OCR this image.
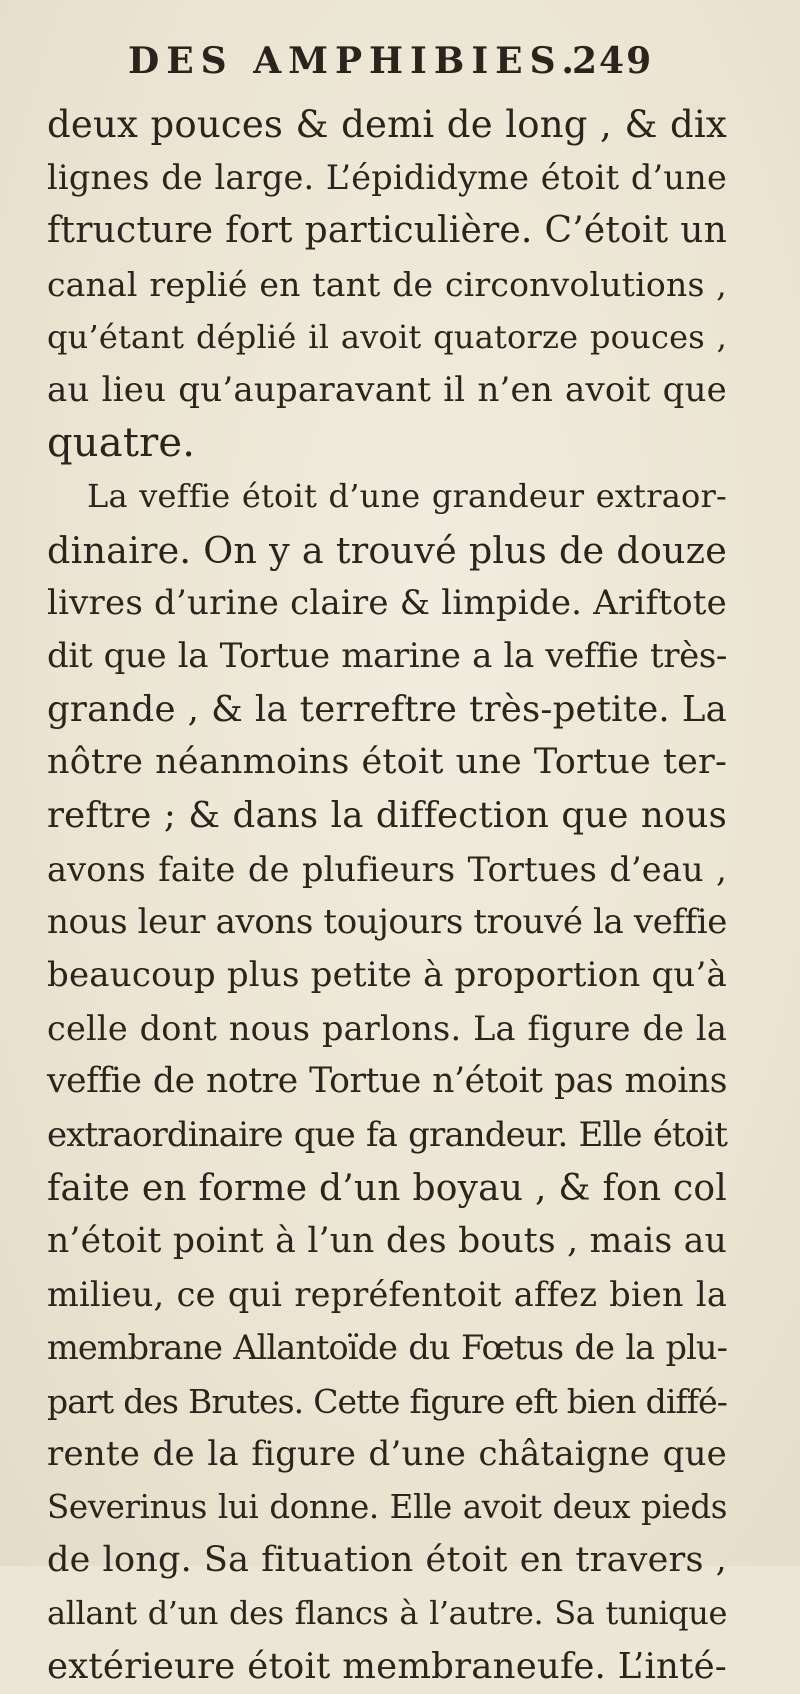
DES AMPHIBIES.
249
deux pouces & demi de long , & dix
lignes de large. L’épididyme étoit d’une
ftructure fort particulière. C’étoit un
canal replié en tant de circonvolutions ,
qu’étant déplié il avoit quatorze pouces ,
au lieu qu’auparavant il n’en avoit que
quatre.
La veffie étoit d’une grandeur extraor-
dinaire. On y a trouvé plus de douze
livres d’urine claire & limpide. Ariftote
dit que la Tortue marine a la veffie très-
grande , & la terreftre très-petite. La
nôtre néanmoins étoit une Tortue ter-
reftre ; & dans la diffection que nous
avons faite de plufieurs Tortues d’eau ,
nous leur avons toujours trouvé la veffie
beaucoup plus petite à proportion qu’à
celle dont nous parlons. La figure de la
veffie de notre Tortue n’étoit pas moins
extraordinaire que fa grandeur. Elle étoit
faite en forme d’un boyau , & fon col
n’étoit point à l’un des bouts , mais au
milieu, ce qui repréfentoit affez bien la
membrane Allantoïde du Fœtus de la plu-
part des Brutes. Cette figure eft bien diffé-
rente de la figure d’une châtaigne que
Severinus lui donne. Elle avoit deux pieds
de long. Sa fituation étoit en travers ,
allant d’un des flancs à l’autre. Sa tunique
extérieure étoit membraneufe. L’inté-
